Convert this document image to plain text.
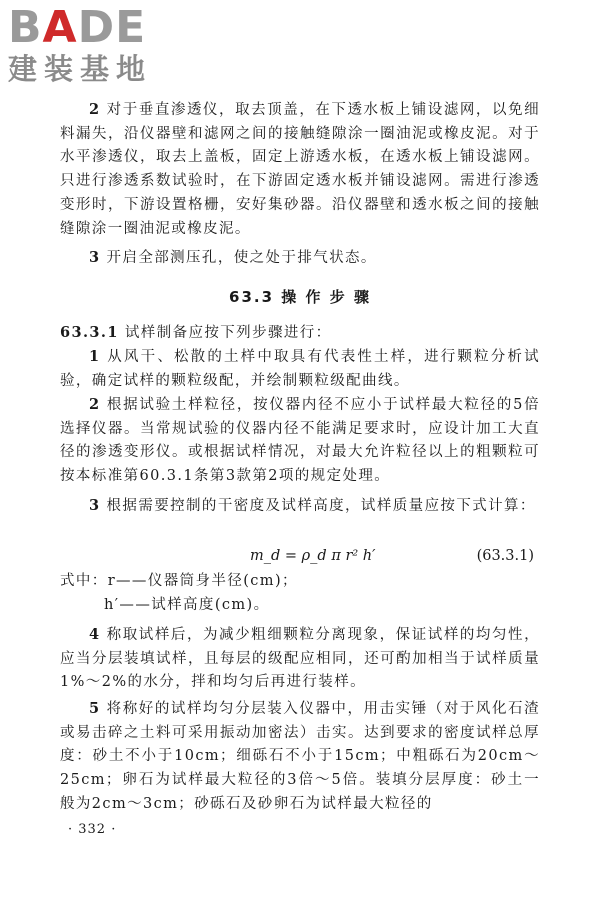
BADE
建装基地

2 对于垂直渗透仪，取去顶盖，在下透水板上铺设滤网，以免细料漏失，沿仪器壁和滤网之间的接触缝隙涂一圈油泥或橡皮泥。对于水平渗透仪，取去上盖板，固定上游透水板，在透水板上铺设滤网。只进行渗透系数试验时，在下游固定透水板并铺设滤网。需进行渗透变形时，下游设置格栅，安好集砂器。沿仪器壁和透水板之间的接触缝隙涂一圈油泥或橡皮泥。

3 开启全部测压孔，使之处于排气状态。

63.3 操 作 步 骤

63.3.1 试样制备应按下列步骤进行：

1 从风干、松散的土样中取具有代表性土样，进行颗粒分析试验，确定试样的颗粒级配，并绘制颗粒级配曲线。

2 根据试验土样粒径，按仪器内径不应小于试样最大粒径的5倍选择仪器。当常规试验的仪器内径不能满足要求时，应设计加工大直径的渗透变形仪。或根据试样情况，对最大允许粒径以上的粗颗粒可按本标准第60.3.1条第3款第2项的规定处理。

3 根据需要控制的干密度及试样高度，试样质量应按下式计算：

m_d = ρ_d π r² h′	(63.3.1)

式中：r——仪器筒身半径(cm)；

h′——试样高度(cm)。

4 称取试样后，为减少粗细颗粒分离现象，保证试样的均匀性，应当分层装填试样，且每层的级配应相同，还可酌加相当于试样质量1%～2%的水分，拌和均匀后再进行装样。

5 将称好的试样均匀分层装入仪器中，用击实锤（对于风化石渣或易击碎之土料可采用振动加密法）击实。达到要求的密度试样总厚度：砂土不小于10cm；细砾石不小于15cm；中粗砾石为20cm～25cm；卵石为试样最大粒径的3倍～5倍。装填分层厚度：砂土一般为2cm～3cm；砂砾石及砂卵石为试样最大粒径的

· 332 ·
